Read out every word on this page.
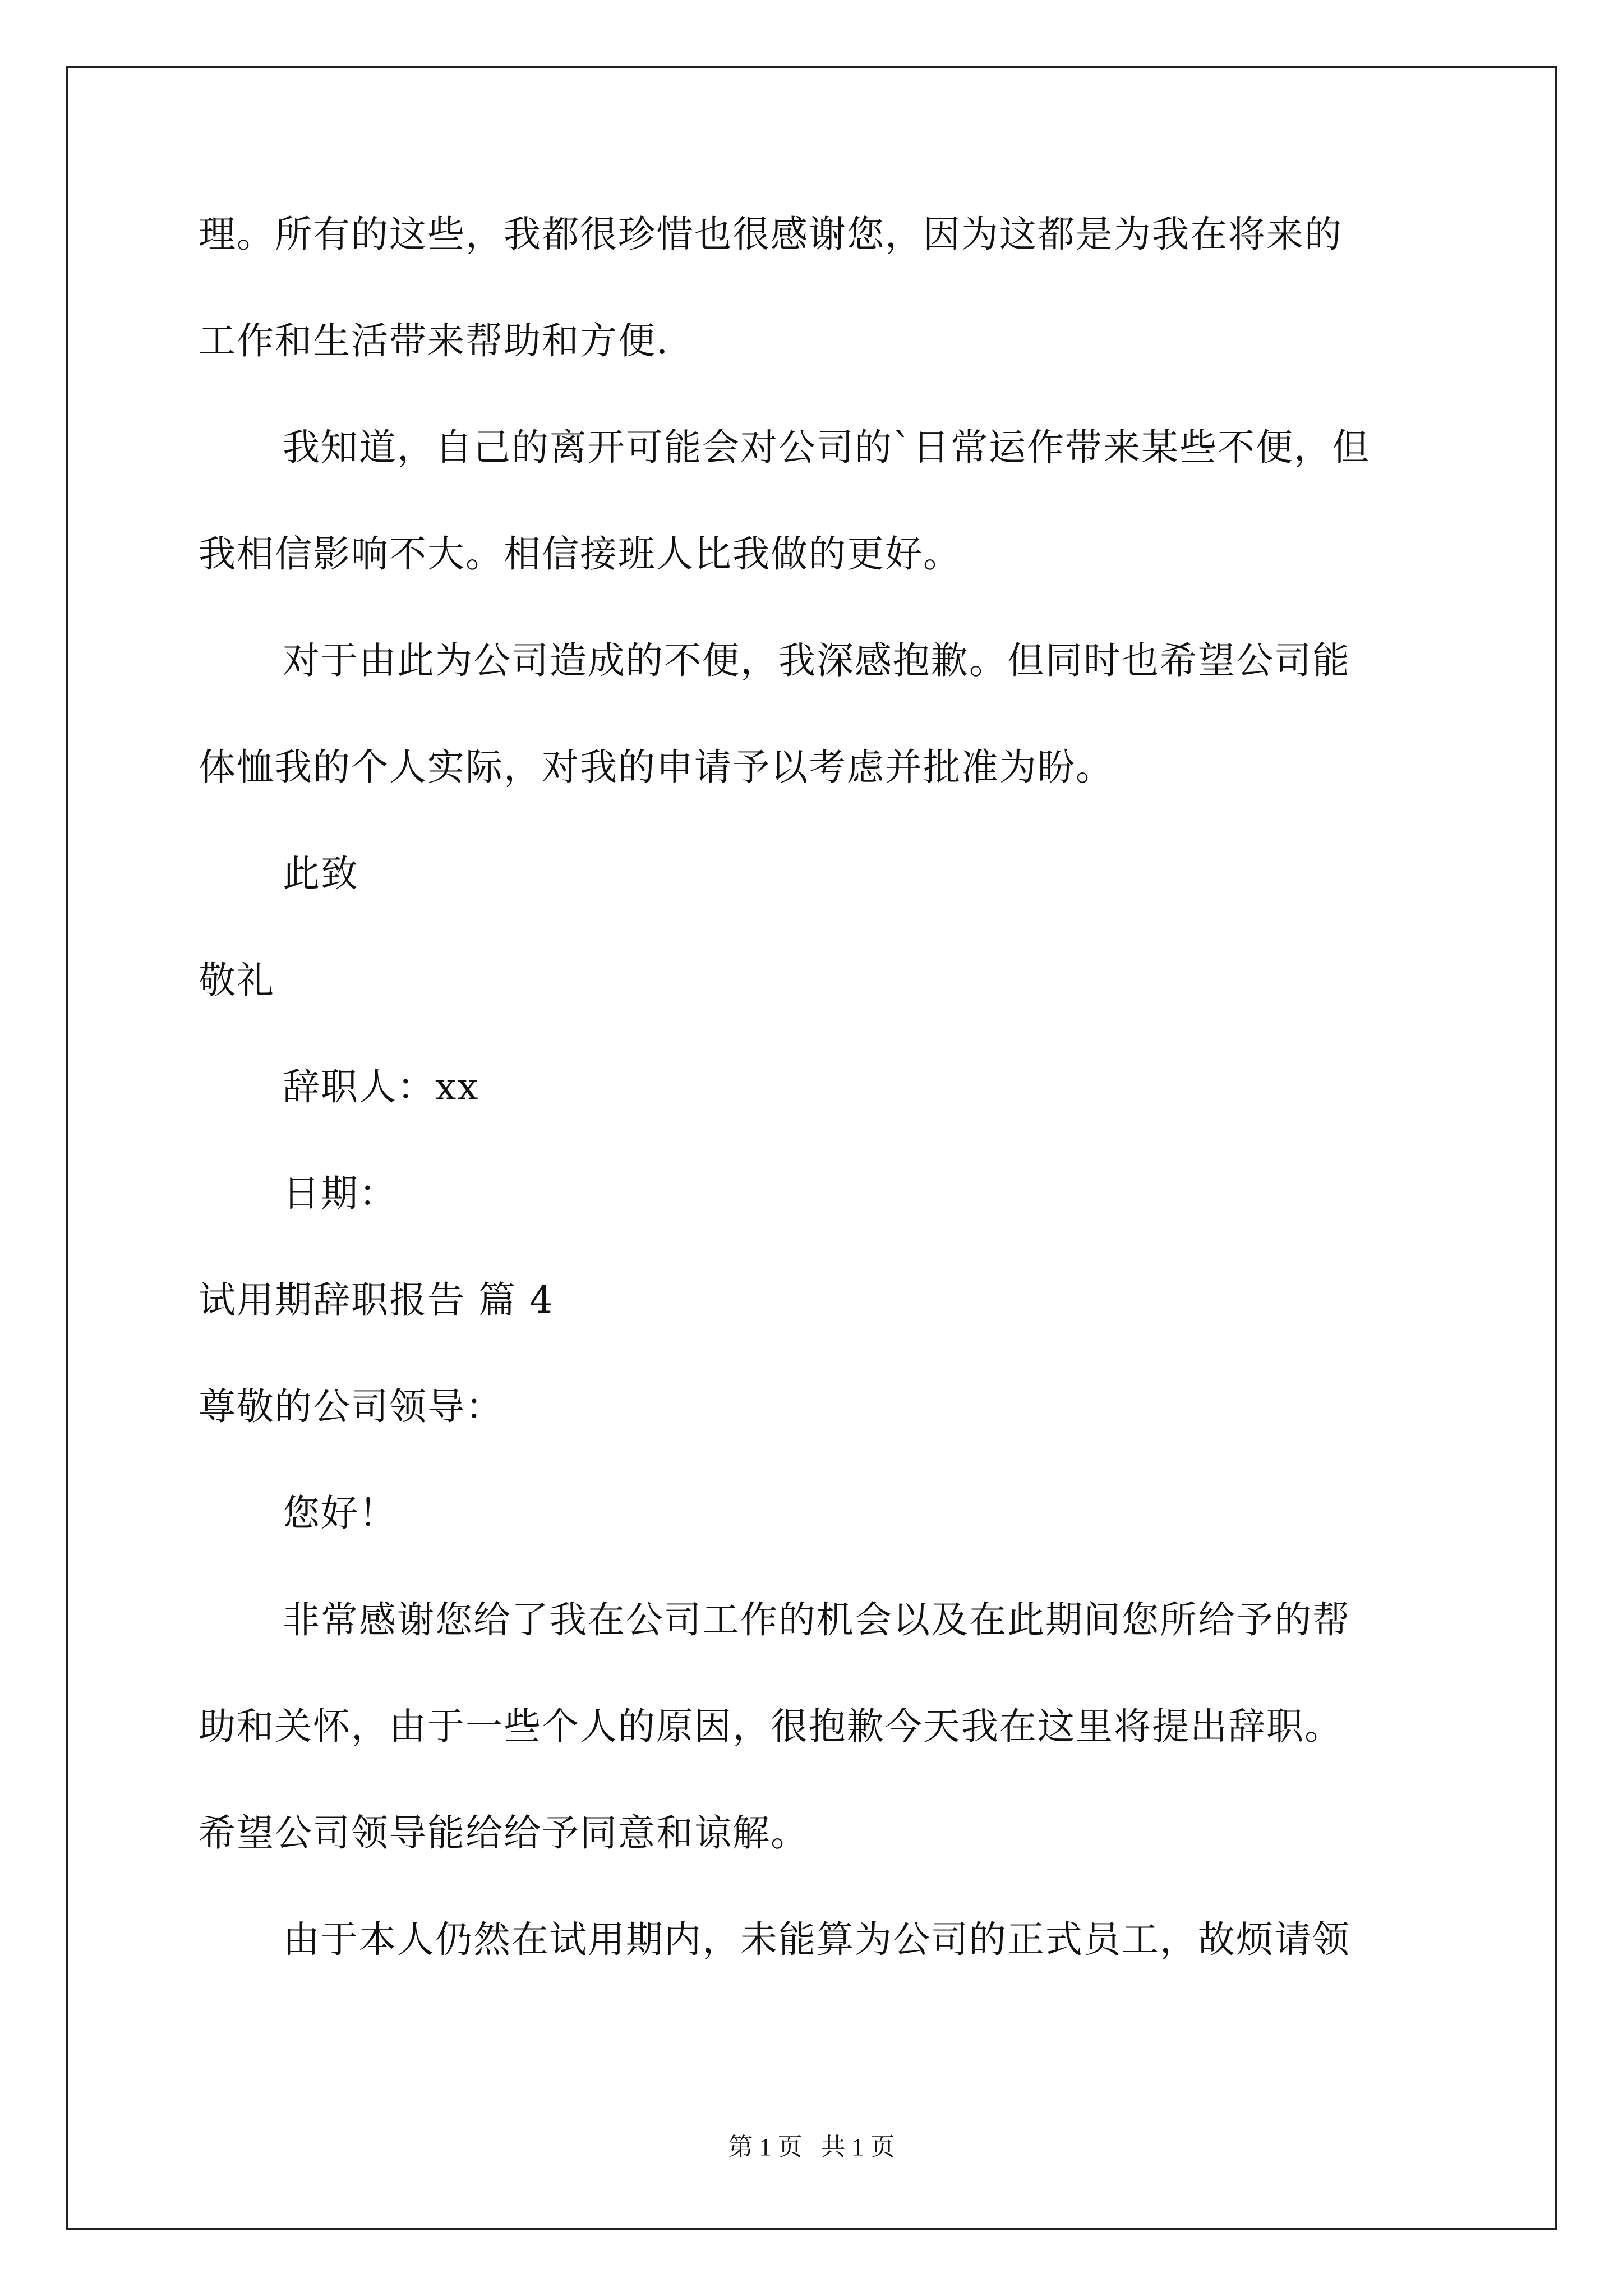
理。所有的这些，我都很珍惜也很感谢您，因为这都是为我在将来的
工作和生活带来帮助和方便.
我知道，自己的离开可能会对公司的`日常运作带来某些不便，但
我相信影响不大。相信接班人比我做的更好。
对于由此为公司造成的不便，我深感抱歉。但同时也希望公司能
体恤我的个人实际，对我的申请予以考虑并批准为盼。
此致
敬礼
辞职人：xx
日期：
试用期辞职报告 篇 4
尊敬的公司领导：
您好！
非常感谢您给了我在公司工作的机会以及在此期间您所给予的帮
助和关怀，由于一些个人的原因，很抱歉今天我在这里将提出辞职。
希望公司领导能给给予同意和谅解。
由于本人仍然在试用期内，未能算为公司的正式员工，故烦请领
第 1 页   共 1 页
